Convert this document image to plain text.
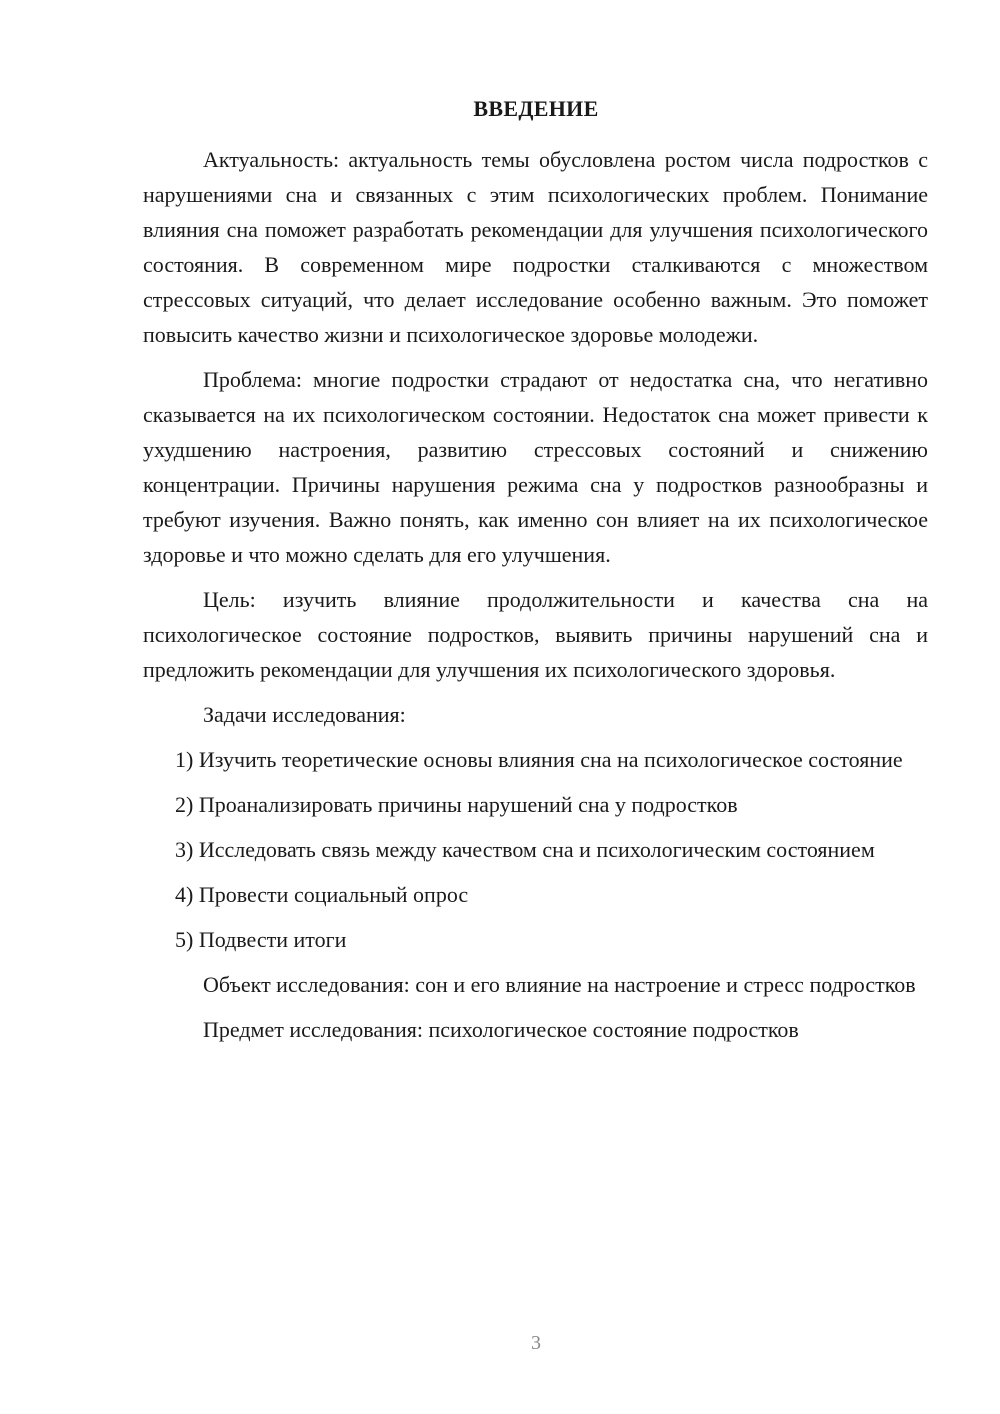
ВВЕДЕНИЕ

Актуальность: актуальность темы обусловлена ростом числа подростков с нарушениями сна и связанных с этим психологических проблем. Понимание влияния сна поможет разработать рекомендации для улучшения психологического состояния. В современном мире подростки сталкиваются с множеством стрессовых ситуаций, что делает исследование особенно важным. Это поможет повысить качество жизни и психологическое здоровье молодежи.

Проблема: многие подростки страдают от недостатка сна, что негативно сказывается на их психологическом состоянии. Недостаток сна может привести к ухудшению настроения, развитию стрессовых состояний и снижению концентрации. Причины нарушения режима сна у подростков разнообразны и требуют изучения. Важно понять, как именно сон влияет на их психологическое здоровье и что можно сделать для его улучшения.

Цель: изучить влияние продолжительности и качества сна на психологическое состояние подростков, выявить причины нарушений сна и предложить рекомендации для улучшения их психологического здоровья.

Задачи исследования:

1) Изучить теоретические основы влияния сна на психологическое состояние

2) Проанализировать причины нарушений сна у подростков

3) Исследовать связь между качеством сна и психологическим состоянием

4) Провести социальный опрос

5) Подвести итоги

Объект исследования: сон и его влияние на настроение и стресс подростков

Предмет исследования: психологическое состояние подростков

3
